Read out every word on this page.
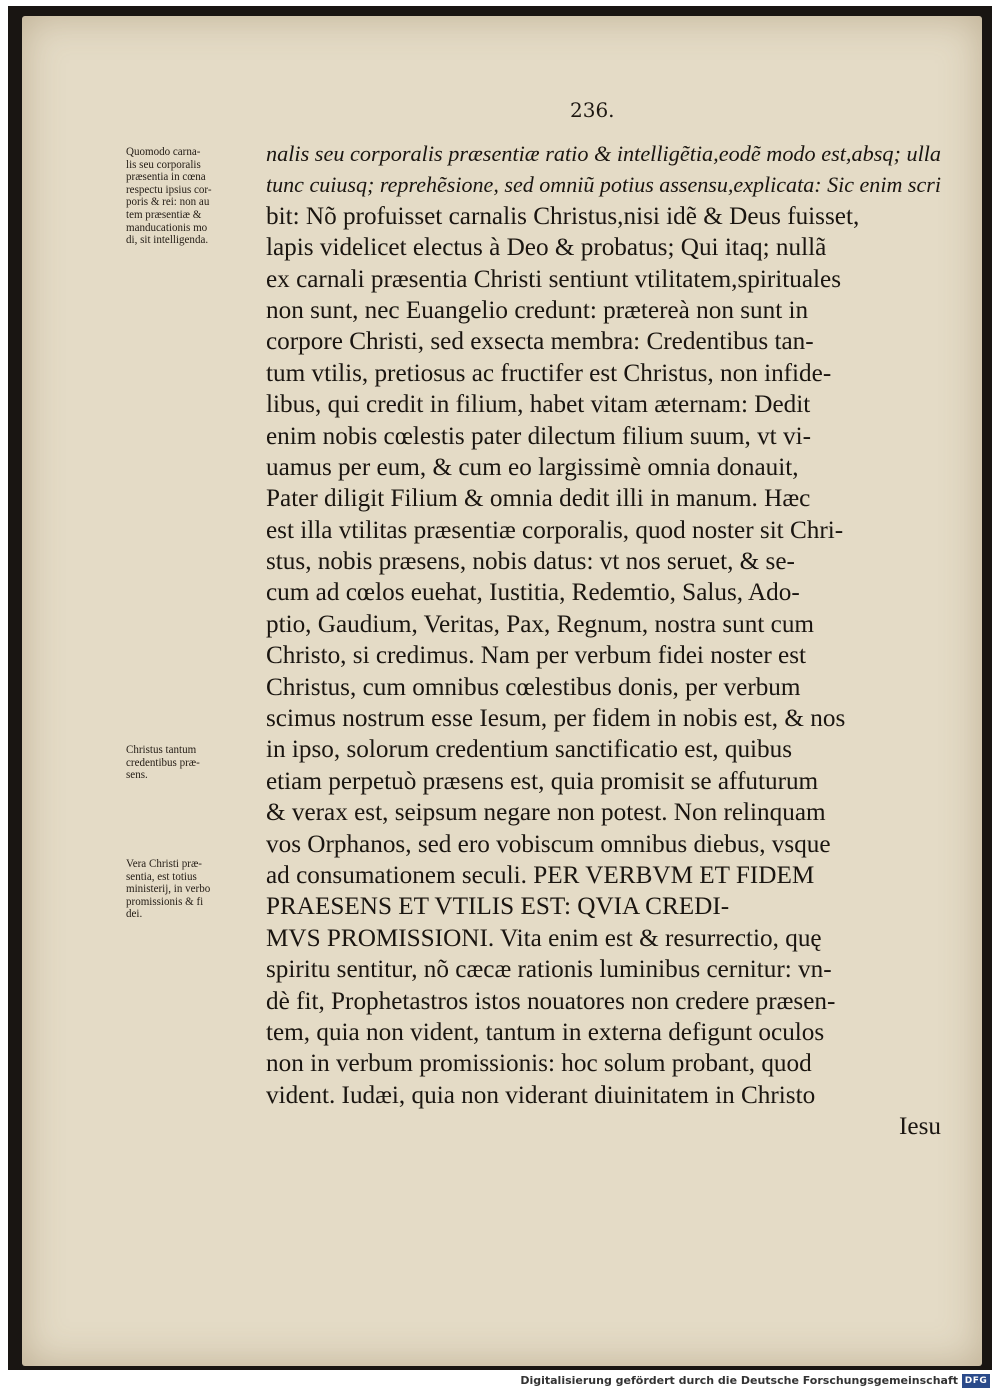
236.
Quomodo carna-
lis seu corporalis
præsentia in cœna
respectu ipsius cor-
poris & rei: non au
tem præsentiæ &
manducationis mo
di, sit intelligenda.
Christus tantum
credentibus præ-
sens.
Vera Christi præ-
sentia, est totius
ministerij, in verbo
promissionis & fi
dei.
nalis seu corporalis præsentiæ ratio & intelligẽtia,eodẽ modo est,absq; ulla
tunc cuiusq; reprehẽsione, sed omniũ potius assensu,explicata: Sic enim scri
bit: Nõ profuisset carnalis Christus,nisi idẽ & Deus fuisset,
lapis videlicet electus à Deo & probatus; Qui itaq; nullã
ex carnali præsentia Christi sentiunt vtilitatem,spirituales
non sunt, nec Euangelio credunt: prætereà non sunt in
corpore Christi, sed exsecta membra: Credentibus tan-
tum vtilis, pretiosus ac fructifer est Christus, non infide-
libus, qui credit in filium, habet vitam æternam: Dedit
enim nobis cœlestis pater dilectum filium suum, vt vi-
uamus per eum, & cum eo largissimè omnia donauit,
Pater diligit Filium & omnia dedit illi in manum. Hæc
est illa vtilitas præsentiæ corporalis, quod noster sit Chri-
stus, nobis præsens, nobis datus: vt nos seruet, & se-
cum ad cœlos euehat, Iustitia, Redemtio, Salus, Ado-
ptio, Gaudium, Veritas, Pax, Regnum, nostra sunt cum
Christo, si credimus. Nam per verbum fidei noster est
Christus, cum omnibus cœlestibus donis, per verbum
scimus nostrum esse Iesum, per fidem in nobis est, & nos
in ipso, solorum credentium sanctificatio est, quibus
etiam perpetuò præsens est, quia promisit se affuturum
& verax est, seipsum negare non potest. Non relinquam
vos Orphanos, sed ero vobiscum omnibus diebus, vsque
ad consumationem seculi. PER VERBVM ET FIDEM
PRAESENS ET VTILIS EST: QVIA CREDI-
MVS PROMISSIONI. Vita enim est & resurrectio, quę
spiritu sentitur, nõ cæcæ rationis luminibus cernitur: vn-
dè fit, Prophetastros istos nouatores non credere præsen-
tem, quia non vident, tantum in externa defigunt oculos
non in verbum promissionis: hoc solum probant, quod
vident. Iudæi, quia non viderant diuinitatem in Christo
Iesu
Digitalisierung gefördert durch die Deutsche Forschungsgemeinschaft DFG
